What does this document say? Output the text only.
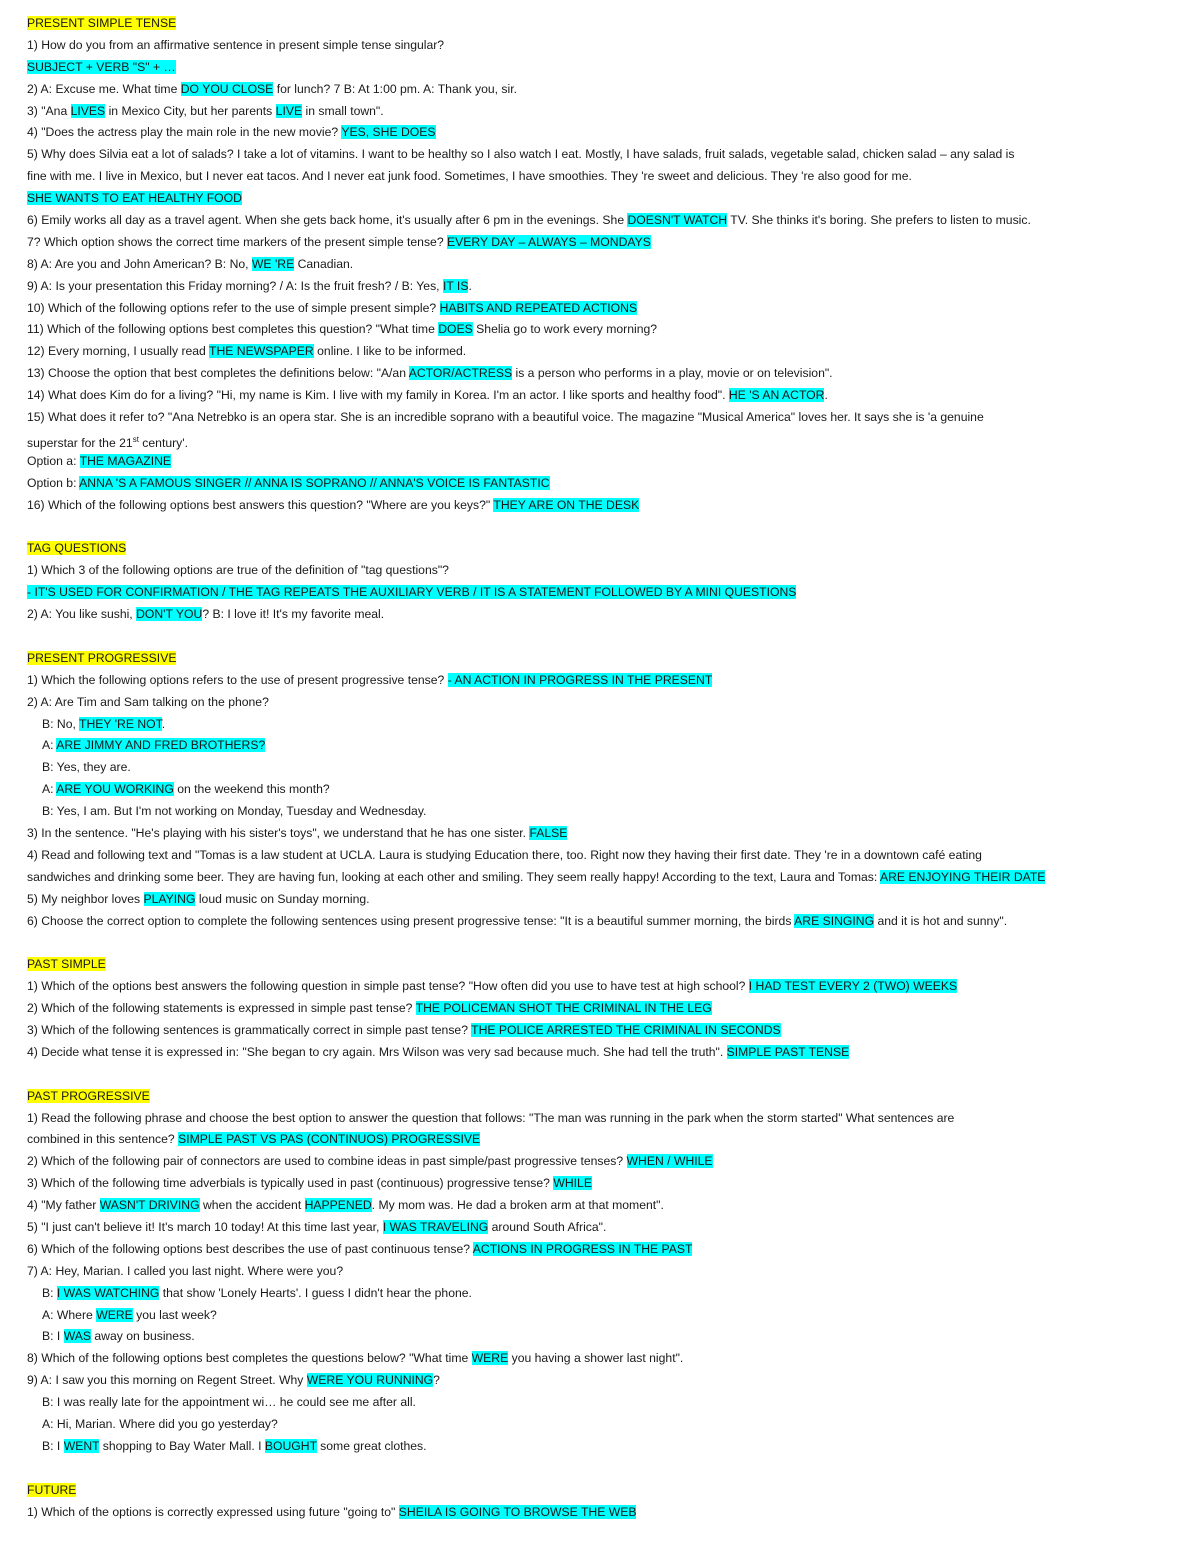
PRESENT SIMPLE TENSE
1) How do you from an affirmative sentence in present simple tense singular?
SUBJECT + VERB "S" + …
2) A: Excuse me. What time DO YOU CLOSE for lunch? 7 B: At 1:00 pm. A: Thank you, sir.
3) "Ana LIVES in Mexico City, but her parents LIVE in small town".
4) "Does the actress play the main role in the new movie? YES, SHE DOES
5) Why does Silvia eat a lot of salads? I take a lot of vitamins. I want to be healthy so I also watch I eat. Mostly, I have salads, fruit salads, vegetable salad, chicken salad – any salad is
fine with me. I live in Mexico, but I never eat tacos. And I never eat junk food. Sometimes, I have smoothies. They 're sweet and delicious. They 're also good for me.
SHE WANTS TO EAT HEALTHY FOOD
6) Emily works all day as a travel agent. When she gets back home, it's usually after 6 pm in the evenings. She DOESN'T WATCH TV. She thinks it's boring. She prefers to listen to music.
7? Which option shows the correct time markers of the present simple tense? EVERY DAY – ALWAYS – MONDAYS
8) A: Are you and John American? B: No, WE 'RE Canadian.
9) A: Is your presentation this Friday morning? / A: Is the fruit fresh? / B: Yes, IT IS.
10) Which of the following options refer to the use of simple present simple? HABITS AND REPEATED ACTIONS
11) Which of the following options best completes this question? "What time DOES Shelia go to work every morning?
12) Every morning, I usually read THE NEWSPAPER online. I like to be informed.
13) Choose the option that best completes the definitions below: "A/an ACTOR/ACTRESS is a person who performs in a play, movie or on television".
14) What does Kim do for a living? "Hi, my name is Kim. I live with my family in Korea. I'm an actor. I like sports and healthy food". HE 'S AN ACTOR.
15) What does it refer to? "Ana Netrebko is an opera star. She is an incredible soprano with a beautiful voice. The magazine "Musical America" loves her. It says she is 'a genuine
superstar for the 21st century'.
Option a: THE MAGAZINE
Option b: ANNA 'S A FAMOUS SINGER // ANNA IS SOPRANO // ANNA'S VOICE IS FANTASTIC
16) Which of the following options best answers this question? "Where are you keys?" THEY ARE ON THE DESK
TAG QUESTIONS
1) Which 3 of the following options are true of the definition of "tag questions"?
- IT'S USED FOR CONFIRMATION / THE TAG REPEATS THE AUXILIARY VERB / IT IS A STATEMENT FOLLOWED BY A MINI QUESTIONS
2) A: You like sushi, DON'T YOU? B: I love it! It's my favorite meal.
PRESENT PROGRESSIVE
1) Which the following options refers to the use of present progressive tense? - AN ACTION IN PROGRESS IN THE PRESENT
2) A: Are Tim and Sam talking on the phone?
B: No, THEY 'RE NOT.
A: ARE JIMMY AND FRED BROTHERS?
B: Yes, they are.
A: ARE YOU WORKING on the weekend this month?
B: Yes, I am. But I'm not working on Monday, Tuesday and Wednesday.
3) In the sentence. "He's playing with his sister's toys", we understand that he has one sister. FALSE
4) Read and following text and "Tomas is a law student at UCLA. Laura is studying Education there, too. Right now they having their first date. They 're in a downtown café eating
sandwiches and drinking some beer. They are having fun, looking at each other and smiling. They seem really happy! According to the text, Laura and Tomas: ARE ENJOYING THEIR DATE
5) My neighbor loves PLAYING loud music on Sunday morning.
6) Choose the correct option to complete the following sentences using present progressive tense: "It is a beautiful summer morning, the birds ARE SINGING and it is hot and sunny".
PAST SIMPLE
1) Which of the options best answers the following question in simple past tense? "How often did you use to have test at high school? I HAD TEST EVERY 2 (TWO) WEEKS
2) Which of the following statements is expressed in simple past tense? THE POLICEMAN SHOT THE CRIMINAL IN THE LEG
3) Which of the following sentences is grammatically correct in simple past tense? THE POLICE ARRESTED THE CRIMINAL IN SECONDS
4) Decide what tense it is expressed in: "She began to cry again. Mrs Wilson was very sad because much. She had tell the truth". SIMPLE PAST TENSE
PAST PROGRESSIVE
1) Read the following phrase and choose the best option to answer the question that follows: "The man was running in the park when the storm started" What sentences are
combined in this sentence? SIMPLE PAST VS PAS (CONTINUOS) PROGRESSIVE
2) Which of the following pair of connectors are used to combine ideas in past simple/past progressive tenses? WHEN / WHILE
3) Which of the following time adverbials is typically used in past (continuous) progressive tense? WHILE
4) "My father WASN'T DRIVING when the accident HAPPENED. My mom was. He dad a broken arm at that moment".
5) "I just can't believe it! It's march 10 today! At this time last year, I WAS TRAVELING around South Africa".
6) Which of the following options best describes the use of past continuous tense? ACTIONS IN PROGRESS IN THE PAST
7) A: Hey, Marian. I called you last night. Where were you?
B: I WAS WATCHING that show 'Lonely Hearts'. I guess I didn't hear the phone.
A: Where WERE you last week?
B: I WAS away on business.
8) Which of the following options best completes the questions below? "What time WERE you having a shower last night".
9) A: I saw you this morning on Regent Street. Why WERE YOU RUNNING?
B: I was really late for the appointment wi… he could see me after all.
A: Hi, Marian. Where did you go yesterday?
B: I WENT shopping to Bay Water Mall. I BOUGHT some great clothes.
FUTURE
1) Which of the options is correctly expressed using future "going to" SHEILA IS GOING TO BROWSE THE WEB
